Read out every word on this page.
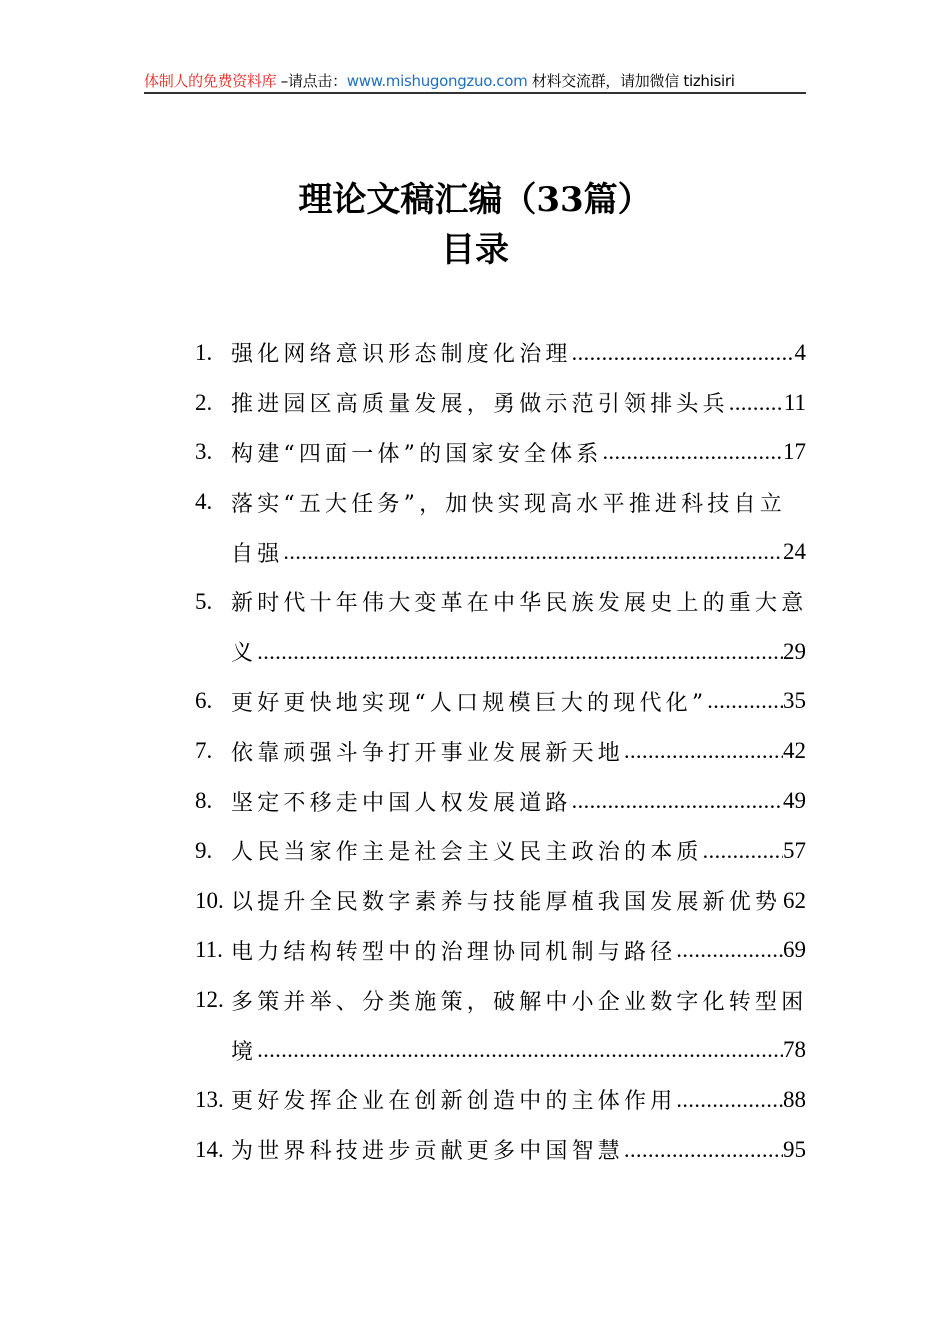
体制人的免费资料库 –请点击：www.mishugongzuo.com 材料交流群，请加微信 tizhisiri
理论文稿汇编（33篇）
目录
1. 强化网络意识形态制度化治理 .....	4
2. 推进园区高质量发展，勇做示范引领排头兵 ..... 11
3. 构建“四面一体”的国家安全体系 .....	17
4. 落实“五大任务”，加快实现高水平推进科技自立
自强 .....	24
5. 新时代十年伟大变革在中华民族发展史上的重大意
义 .....	29
6. 更好更快地实现“人口规模巨大的现代化” .....	35
7. 依靠顽强斗争打开事业发展新天地 .....	42
8. 坚定不移走中国人权发展道路 .....	49
9. 人民当家作主是社会主义民主政治的本质 .....	57
10. 以提升全民数字素养与技能厚植我国发展新优势 ..... 62
11. 电力结构转型中的治理协同机制与路径 .....	69
12. 多策并举、分类施策，破解中小企业数字化转型困
境 .....	78
13. 更好发挥企业在创新创造中的主体作用 .....	88
14. 为世界科技进步贡献更多中国智慧 .....	95
